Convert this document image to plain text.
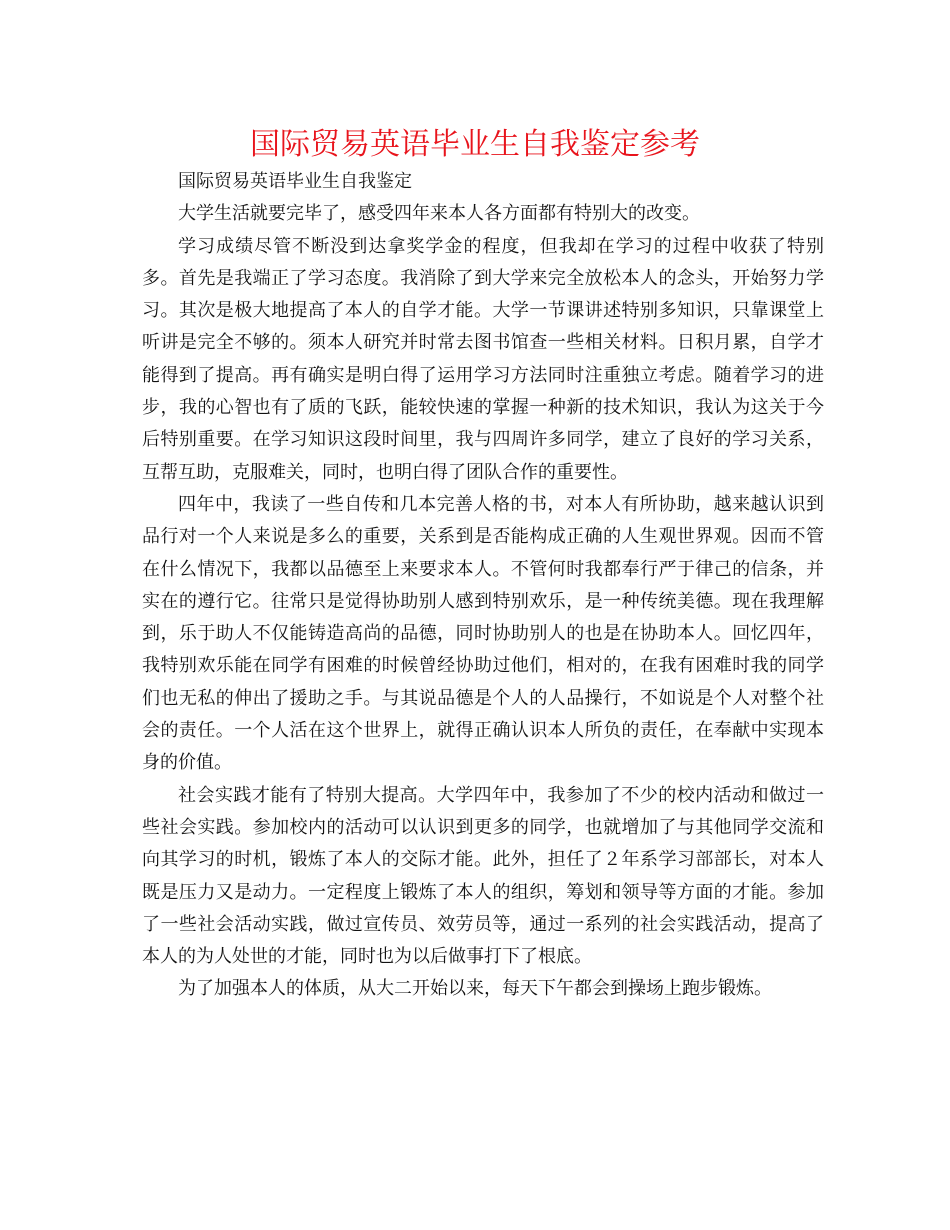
国际贸易英语毕业生自我鉴定参考

国际贸易英语毕业生自我鉴定

大学生活就要完毕了，感受四年来本人各方面都有特别大的改变。

学习成绩尽管不断没到达拿奖学金的程度，但我却在学习的过程中收获了特别多。首先是我端正了学习态度。我消除了到大学来完全放松本人的念头，开始努力学习。其次是极大地提高了本人的自学才能。大学一节课讲述特别多知识，只靠课堂上听讲是完全不够的。须本人研究并时常去图书馆查一些相关材料。日积月累，自学才能得到了提高。再有确实是明白得了运用学习方法同时注重独立考虑。随着学习的进步，我的心智也有了质的飞跃，能较快速的掌握一种新的技术知识，我认为这关于今后特别重要。在学习知识这段时间里，我与四周许多同学，建立了良好的学习关系，互帮互助，克服难关，同时，也明白得了团队合作的重要性。

四年中，我读了一些自传和几本完善人格的书，对本人有所协助，越来越认识到品行对一个人来说是多么的重要，关系到是否能构成正确的人生观世界观。因而不管在什么情况下，我都以品德至上来要求本人。不管何时我都奉行严于律己的信条，并实在的遵行它。往常只是觉得协助别人感到特别欢乐，是一种传统美德。现在我理解到，乐于助人不仅能铸造高尚的品德，同时协助别人的也是在协助本人。回忆四年，我特别欢乐能在同学有困难的时候曾经协助过他们，相对的，在我有困难时我的同学们也无私的伸出了援助之手。与其说品德是个人的人品操行，不如说是个人对整个社会的责任。一个人活在这个世界上，就得正确认识本人所负的责任，在奉献中实现本身的价值。

社会实践才能有了特别大提高。大学四年中，我参加了不少的校内活动和做过一些社会实践。参加校内的活动可以认识到更多的同学，也就增加了与其他同学交流和向其学习的时机，锻炼了本人的交际才能。此外，担任了２年系学习部部长，对本人既是压力又是动力。一定程度上锻炼了本人的组织，筹划和领导等方面的才能。参加了一些社会活动实践，做过宣传员、效劳员等，通过一系列的社会实践活动，提高了本人的为人处世的才能，同时也为以后做事打下了根底。

为了加强本人的体质，从大二开始以来，每天下午都会到操场上跑步锻炼。
